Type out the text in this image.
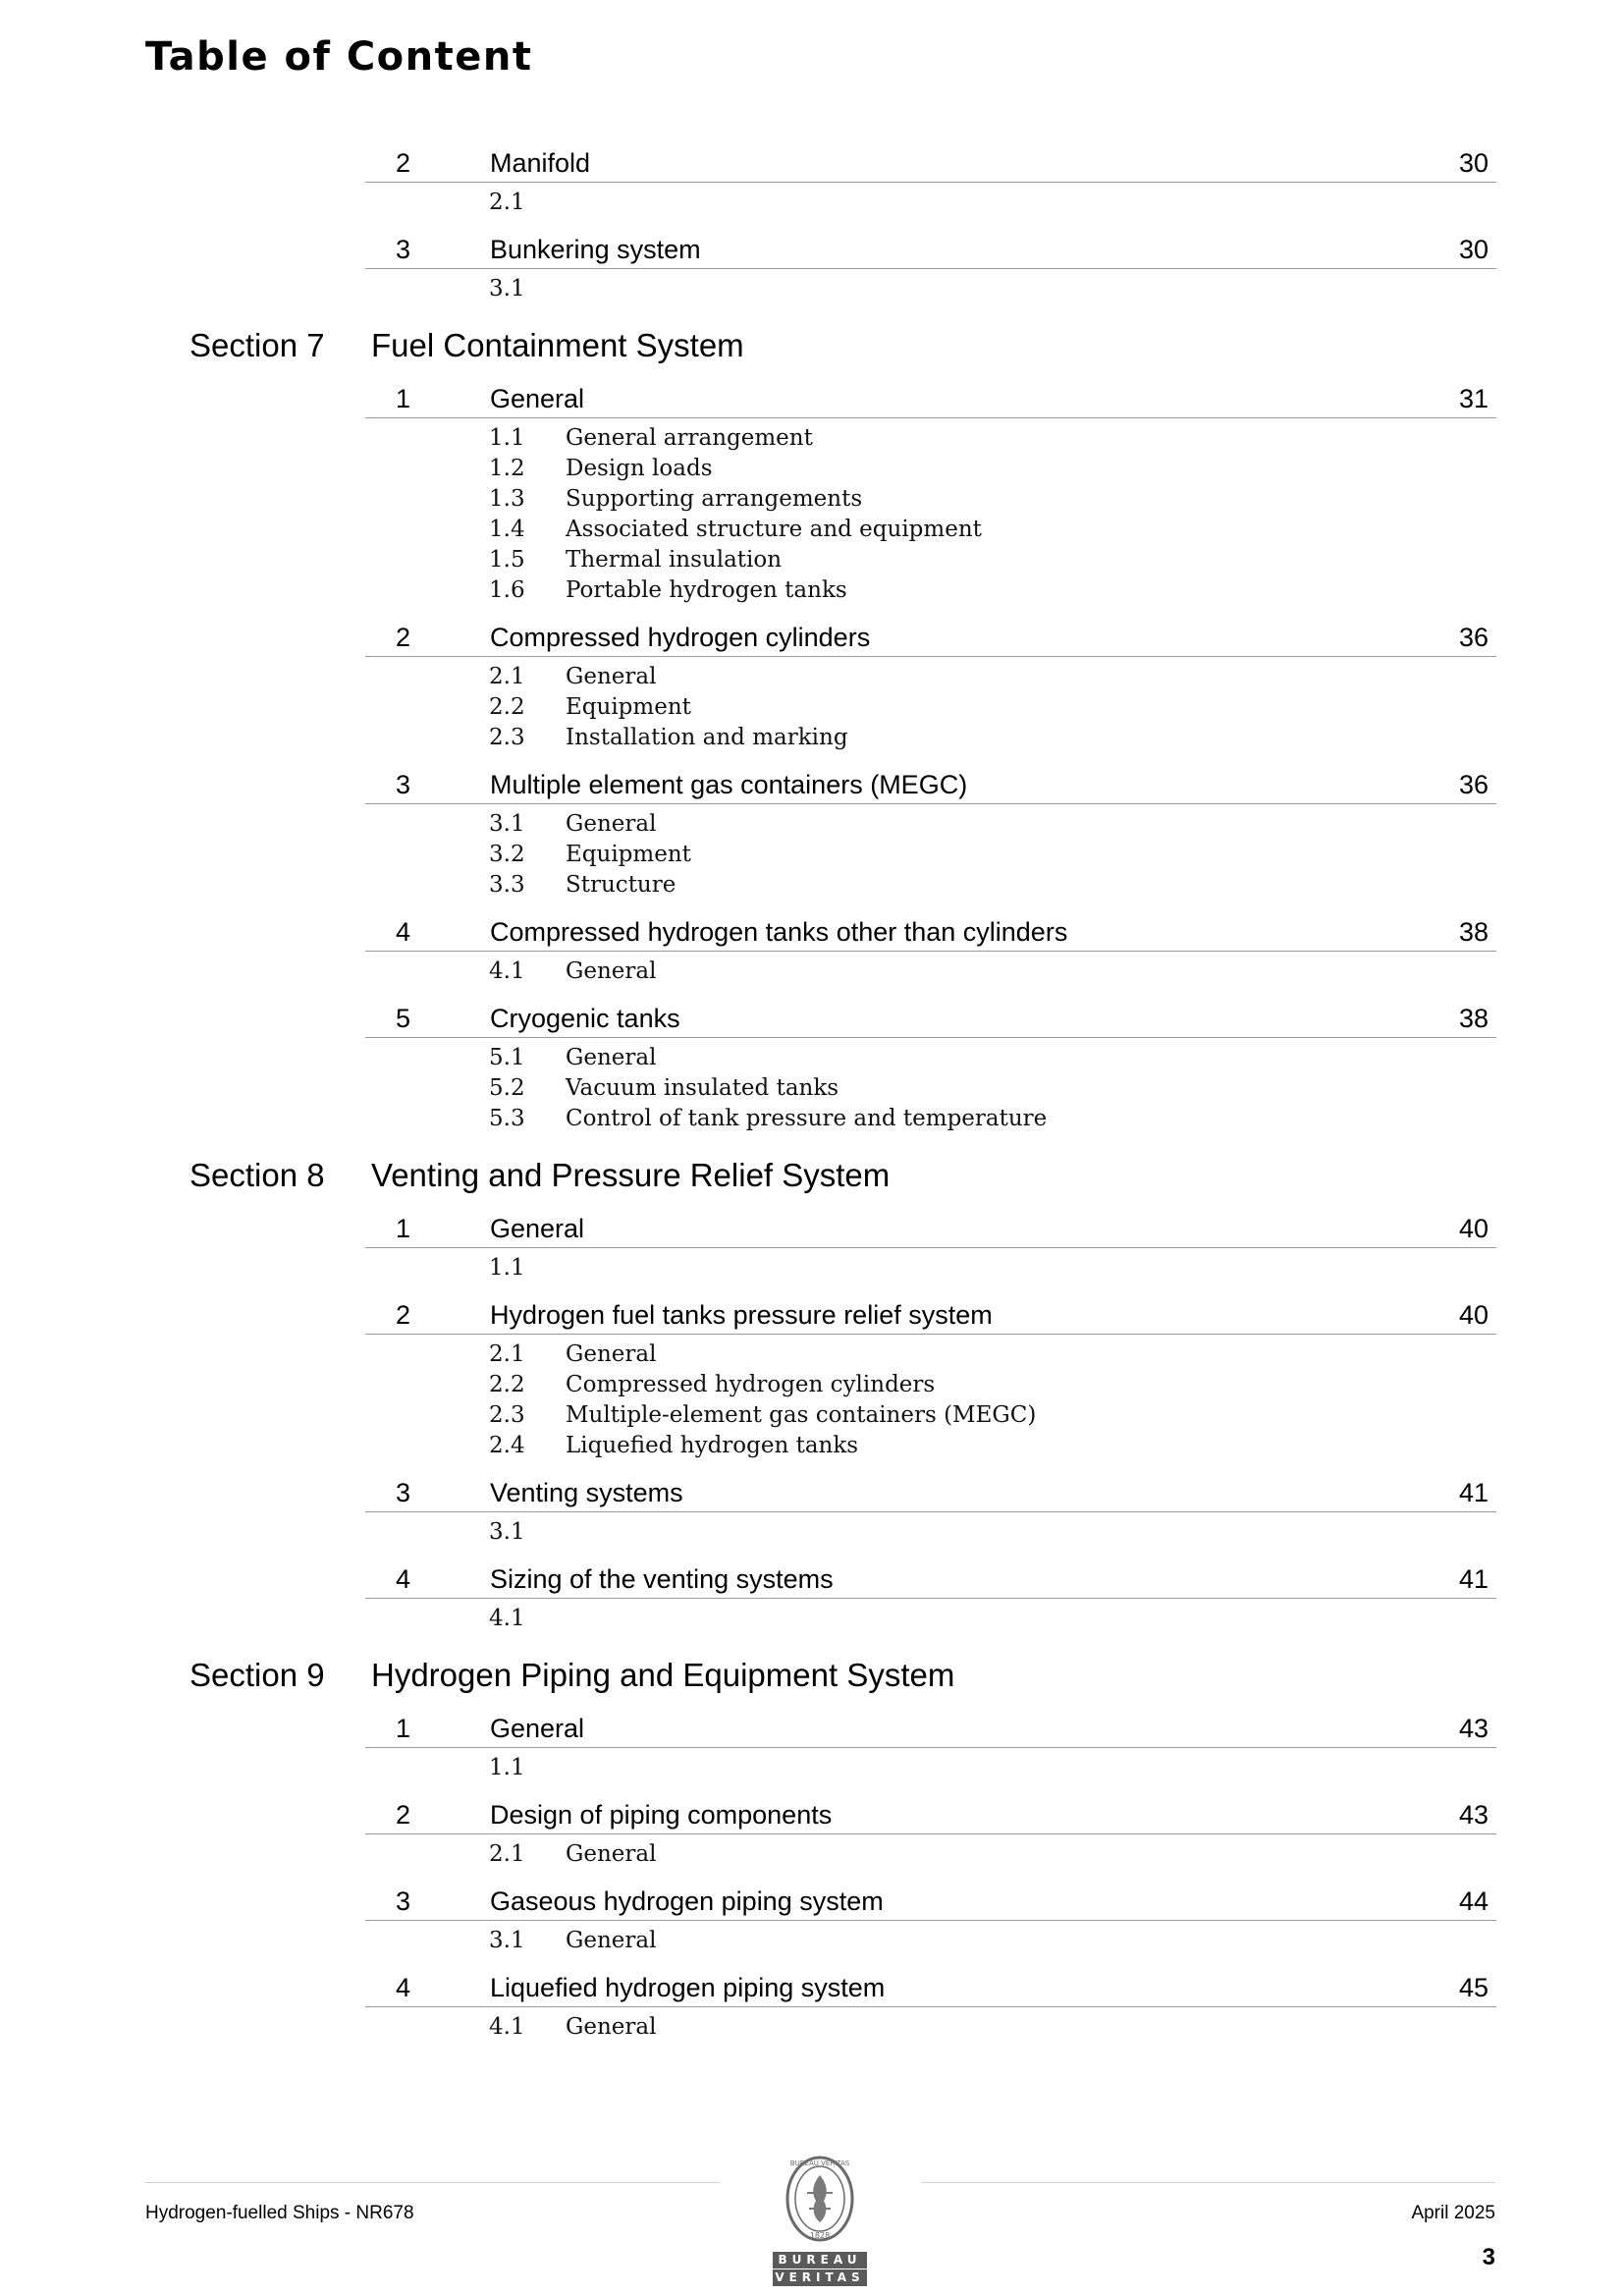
Table of Content
2	Manifold	30
2.1
3	Bunkering system	30
3.1
Section 7 Fuel Containment System
1	General	31
1.1 General arrangement
1.2 Design loads
1.3 Supporting arrangements
1.4 Associated structure and equipment
1.5 Thermal insulation
1.6 Portable hydrogen tanks
2	Compressed hydrogen cylinders	36
2.1 General
2.2 Equipment
2.3 Installation and marking
3	Multiple element gas containers (MEGC)	36
3.1 General
3.2 Equipment
3.3 Structure
4	Compressed hydrogen tanks other than cylinders	38
4.1 General
5	Cryogenic tanks	38
5.1 General
5.2 Vacuum insulated tanks
5.3 Control of tank pressure and temperature
Section 8 Venting and Pressure Relief System
1	General	40
1.1
2	Hydrogen fuel tanks pressure relief system	40
2.1 General
2.2 Compressed hydrogen cylinders
2.3 Multiple-element gas containers (MEGC)
2.4 Liquefied hydrogen tanks
3	Venting systems	41
3.1
4	Sizing of the venting systems	41
4.1
Section 9 Hydrogen Piping and Equipment System
1	General	43
1.1
2	Design of piping components	43
2.1 General
3	Gaseous hydrogen piping system	44
3.1 General
4	Liquefied hydrogen piping system	45
4.1 General
Hydrogen-fuelled Ships - NR678	April 2025
3
BUREAU VERITAS
1828
BUREAU
VERITAS
